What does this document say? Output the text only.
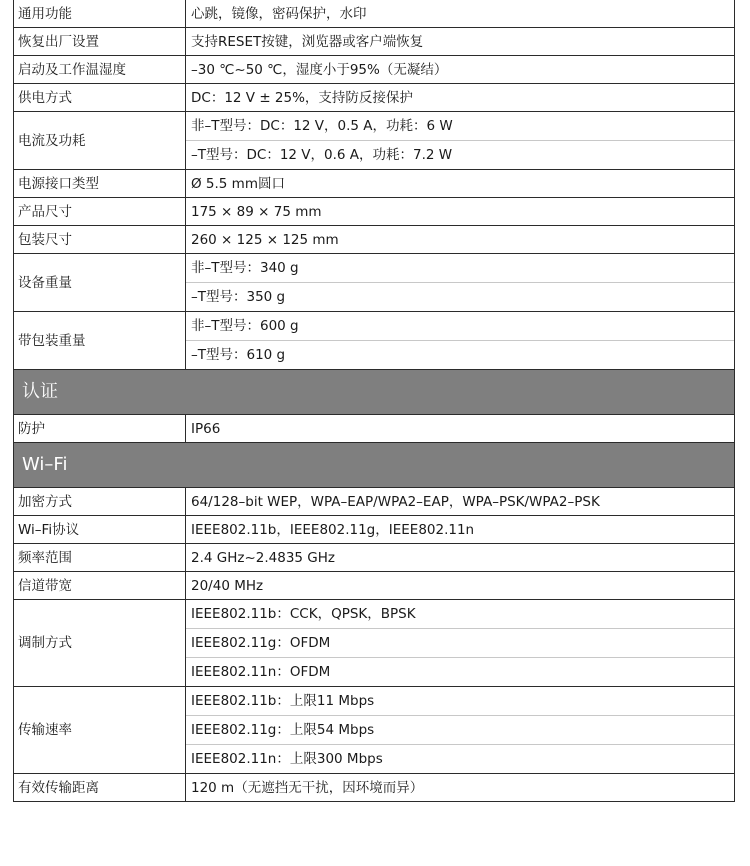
通用功能	心跳，镜像，密码保护，水印
恢复出厂设置	支持RESET按键，浏览器或客户端恢复
启动及工作温湿度	–30 ℃~50 ℃，湿度小于95%（无凝结）
供电方式	DC：12 V ± 25%，支持防反接保护
电流及功耗	非–T型号：DC：12 V，0.5 A，功耗：6 W
–T型号：DC：12 V，0.6 A，功耗：7.2 W

电源接口类型	Ø 5.5 mm圆口
产品尺寸	175 × 89 × 75 mm
包装尺寸	260 × 125 × 125 mm
设备重量	非–T型号：340 g
–T型号：350 g

带包装重量	非–T型号：600 g
–T型号：610 g

认证	
防护	IP66
Wi–Fi	
加密方式	64/128–bit WEP，WPA–EAP/WPA2–EAP，WPA–PSK/WPA2–PSK
Wi–Fi协议	IEEE802.11b，IEEE802.11g，IEEE802.11n
频率范围	2.4 GHz~2.4835 GHz
信道带宽	20/40 MHz
调制方式	IEEE802.11b：CCK，QPSK，BPSK
IEEE802.11g：OFDM
IEEE802.11n：OFDM

传输速率	IEEE802.11b：上限11 Mbps
IEEE802.11g：上限54 Mbps
IEEE802.11n：上限300 Mbps

有效传输距离	120 m（无遮挡无干扰，因环境而异）
